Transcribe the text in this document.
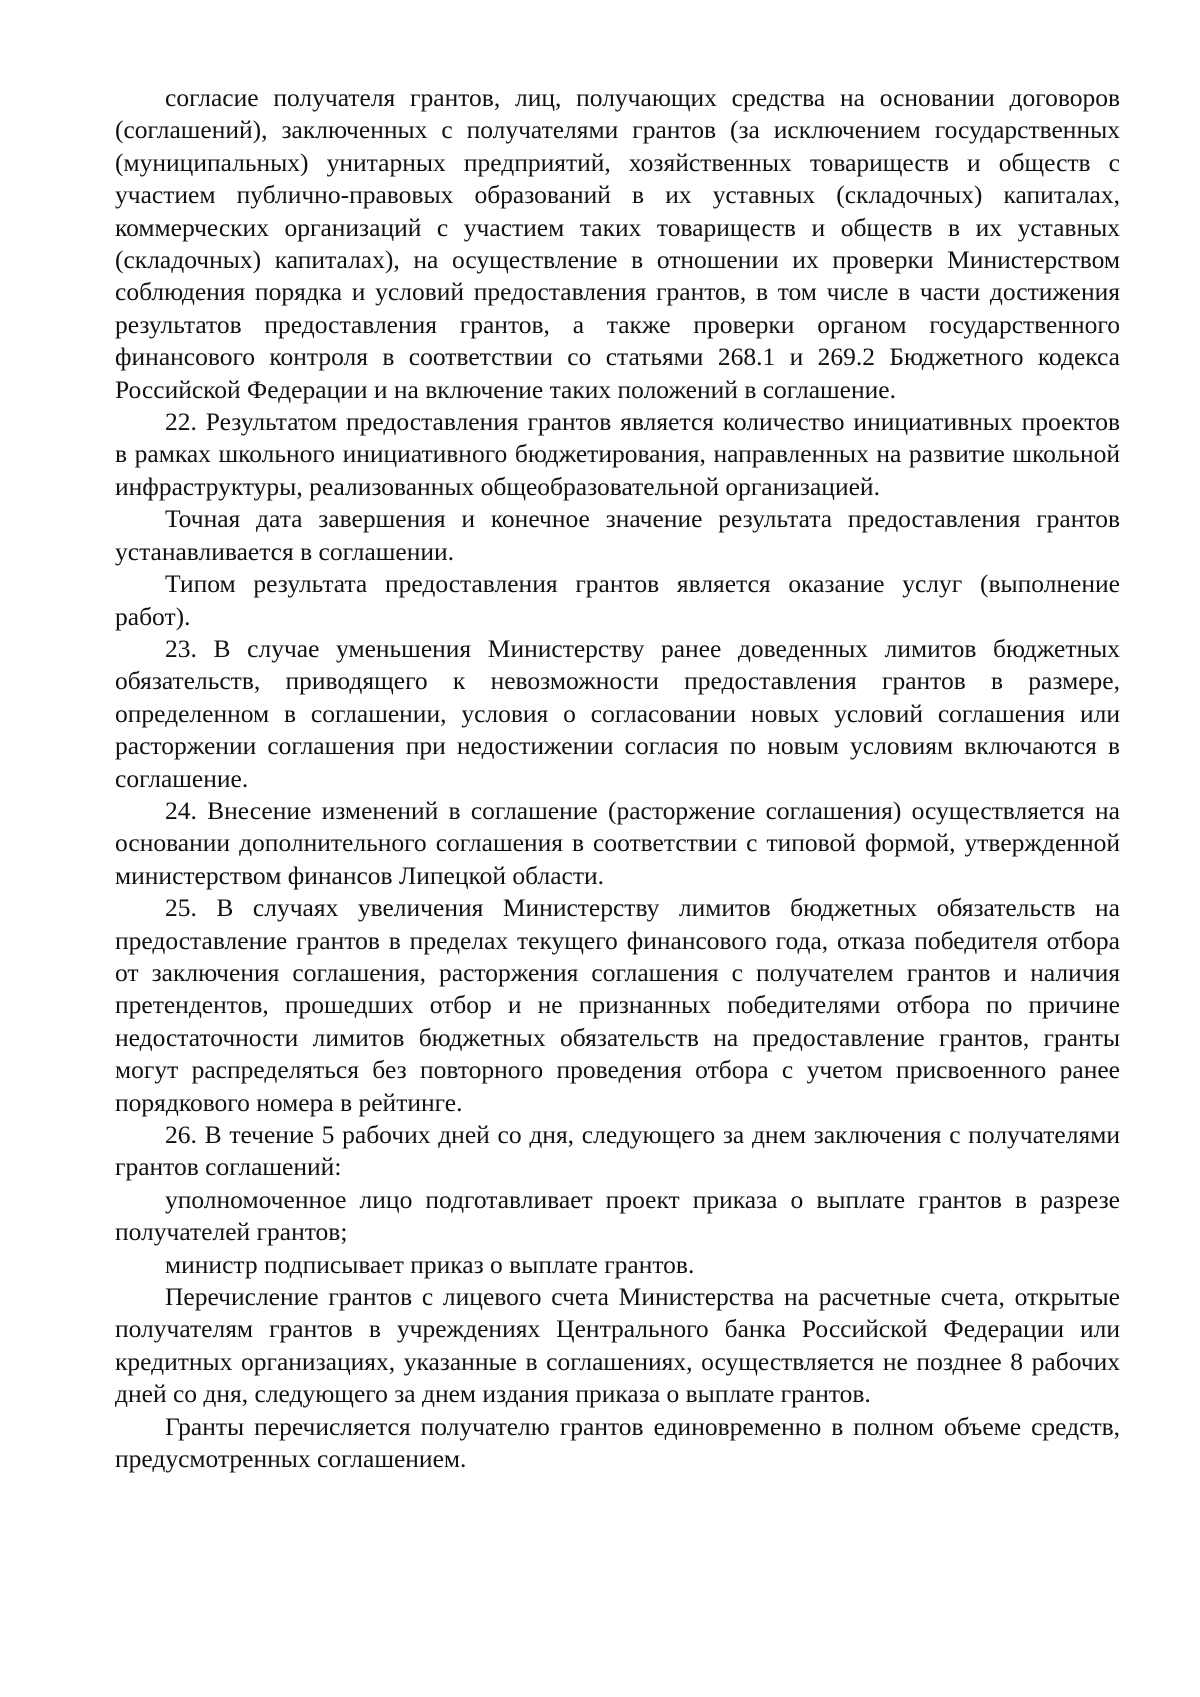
согласие получателя грантов, лиц, получающих средства на основании договоров (соглашений), заключенных с получателями грантов (за исключением государственных (муниципальных) унитарных предприятий, хозяйственных товариществ и обществ с участием публично-правовых образований в их уставных (складочных) капиталах, коммерческих организаций с участием таких товариществ и обществ в их уставных (складочных) капиталах), на осуществление в отношении их проверки Министерством соблюдения порядка и условий предоставления грантов, в том числе в части достижения результатов предоставления грантов, а также проверки органом государственного финансового контроля в соответствии со статьями 268.1 и 269.2 Бюджетного кодекса Российской Федерации и на включение таких положений в соглашение.

22. Результатом предоставления грантов является количество инициативных проектов в рамках школьного инициативного бюджетирования, направленных на развитие школьной инфраструктуры, реализованных общеобразовательной организацией.

Точная дата завершения и конечное значение результата предоставления грантов устанавливается в соглашении.

Типом результата предоставления грантов является оказание услуг (выполнение работ).

23. В случае уменьшения Министерству ранее доведенных лимитов бюджетных обязательств, приводящего к невозможности предоставления грантов в размере, определенном в соглашении, условия о согласовании новых условий соглашения или расторжении соглашения при недостижении согласия по новым условиям включаются в соглашение.

24. Внесение изменений в соглашение (расторжение соглашения) осуществляется на основании дополнительного соглашения в соответствии с типовой формой, утвержденной министерством финансов Липецкой области.

25. В случаях увеличения Министерству лимитов бюджетных обязательств на предоставление грантов в пределах текущего финансового года, отказа победителя отбора от заключения соглашения, расторжения соглашения с получателем грантов и наличия претендентов, прошедших отбор и не признанных победителями отбора по причине недостаточности лимитов бюджетных обязательств на предоставление грантов, гранты могут распределяться без повторного проведения отбора с учетом присвоенного ранее порядкового номера в рейтинге.

26. В течение 5 рабочих дней со дня, следующего за днем заключения с получателями грантов соглашений:

уполномоченное лицо подготавливает проект приказа о выплате грантов в разрезе получателей грантов;

министр подписывает приказ о выплате грантов.

Перечисление грантов с лицевого счета Министерства на расчетные счета, открытые получателям грантов в учреждениях Центрального банка Российской Федерации или кредитных организациях, указанные в соглашениях, осуществляется не позднее 8 рабочих дней со дня, следующего за днем издания приказа о выплате грантов.

Гранты перечисляется получателю грантов единовременно в полном объеме средств, предусмотренных соглашением.
